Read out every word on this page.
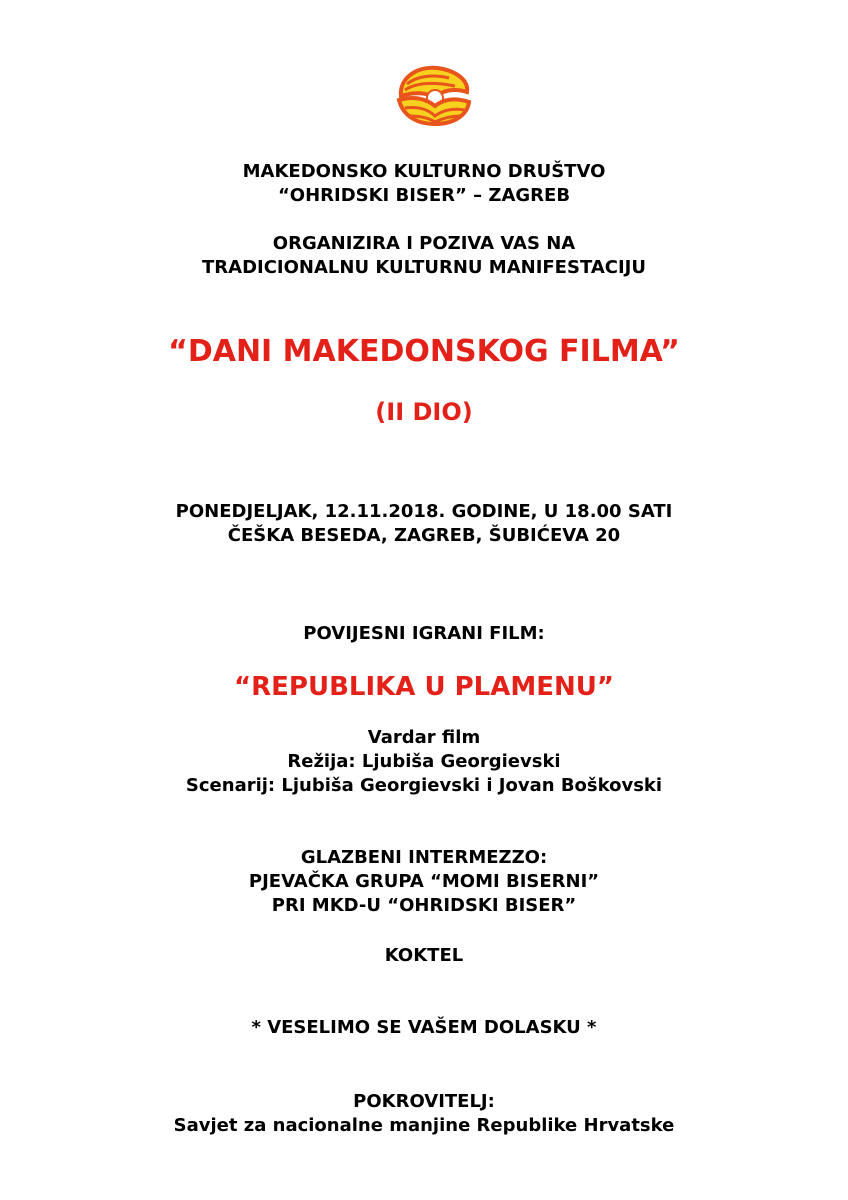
MAKEDONSKO KULTURNO DRUŠTVO
“OHRIDSKI BISER” – ZAGREB
ORGANIZIRA I POZIVA VAS NA
TRADICIONALNU KULTURNU MANIFESTACIJU
“DANI MAKEDONSKOG FILMA”
(II DIO)
PONEDJELJAK, 12.11.2018. GODINE, U 18.00 SATI
ČEŠKA BESEDA, ZAGREB, ŠUBIĆEVA 20
POVIJESNI IGRANI FILM:
“REPUBLIKA U PLAMENU”
Vardar film
Režija: Ljubiša Georgievski
Scenarij: Ljubiša Georgievski i Jovan Boškovski
GLAZBENI INTERMEZZO:
PJEVAČKA GRUPA “MOMI BISERNI”
PRI MKD-U “OHRIDSKI BISER”
KOKTEL
* VESELIMO SE VAŠEM DOLASKU *
POKROVITELJ:
Savjet za nacionalne manjine Republike Hrvatske
